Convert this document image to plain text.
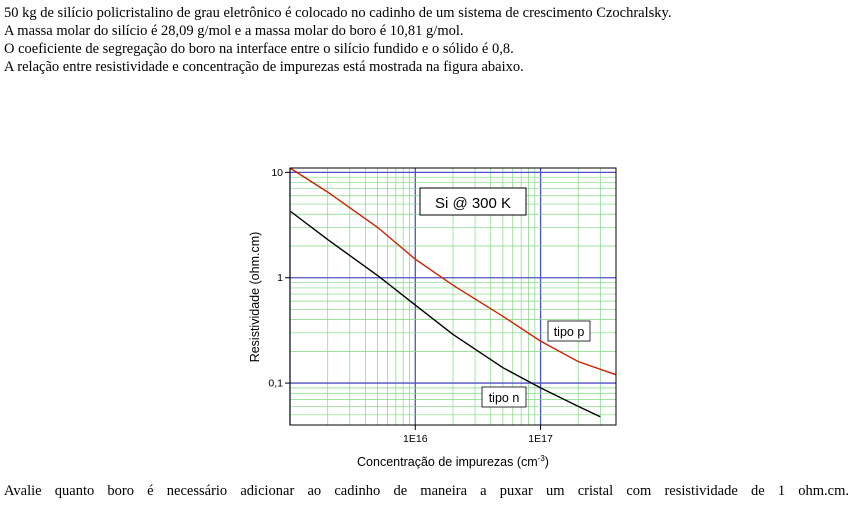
50 kg de silício policristalino de grau eletrônico é colocado no cadinho de um sistema de crescimento Czochralsky.

A massa molar do silício é 28,09 g/mol e a massa molar do boro é 10,81 g/mol.

O coeficiente de segregação do boro na interface entre o silício fundido e o sólido é 0,8.

A relação entre resistividade e concentração de impurezas está mostrada na figura abaixo.

1E16	1E17
10
1
0,1
Si @ 300 K
tipo p
tipo n
Resistividade (ohm.cm)
Concentração de impurezas $(cm^{-3})$
Avalie quanto boro é necessário adicionar ao cadinho de maneira a puxar um cristal com resistividade de 1 ohm.cm.
